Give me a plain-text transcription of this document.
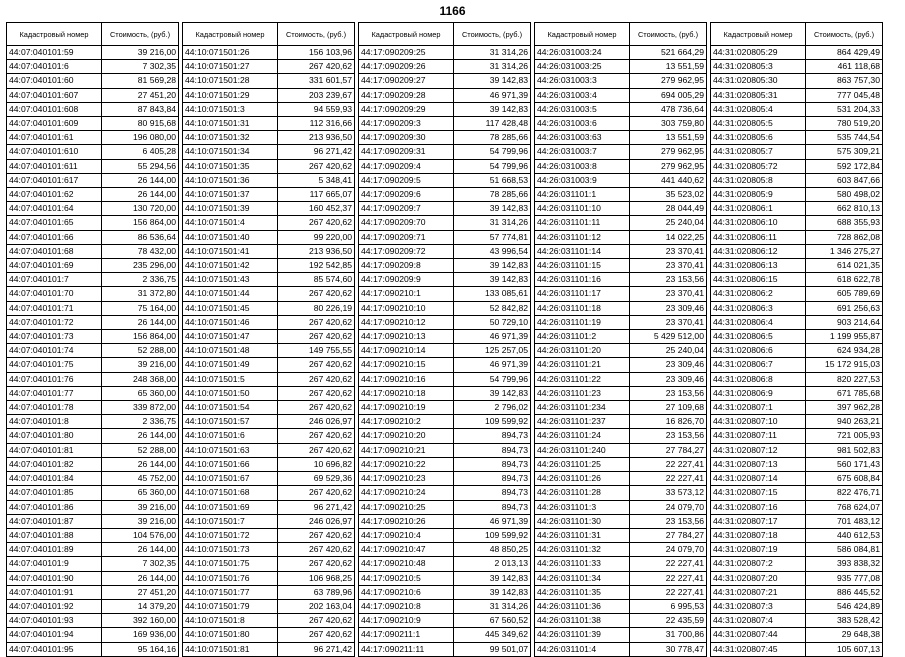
1166
Кадастровый номер	Стоимость, (руб.)
44:07:040101:59	39 216,00
44:07:040101:6	7 302,35
44:07:040101:60	81 569,28
44:07:040101:607	27 451,20
44:07:040101:608	87 843,84
44:07:040101:609	80 915,68
44:07:040101:61	196 080,00
44:07:040101:610	6 405,28
44:07:040101:611	55 294,56
44:07:040101:617	26 144,00
44:07:040101:62	26 144,00
44:07:040101:64	130 720,00
44:07:040101:65	156 864,00
44:07:040101:66	86 536,64
44:07:040101:68	78 432,00
44:07:040101:69	235 296,00
44:07:040101:7	2 336,75
44:07:040101:70	31 372,80
44:07:040101:71	75 164,00
44:07:040101:72	26 144,00
44:07:040101:73	156 864,00
44:07:040101:74	52 288,00
44:07:040101:75	39 216,00
44:07:040101:76	248 368,00
44:07:040101:77	65 360,00
44:07:040101:78	339 872,00
44:07:040101:8	2 336,75
44:07:040101:80	26 144,00
44:07:040101:81	52 288,00
44:07:040101:82	26 144,00
44:07:040101:84	45 752,00
44:07:040101:85	65 360,00
44:07:040101:86	39 216,00
44:07:040101:87	39 216,00
44:07:040101:88	104 576,00
44:07:040101:89	26 144,00
44:07:040101:9	7 302,35
44:07:040101:90	26 144,00
44:07:040101:91	27 451,20
44:07:040101:92	14 379,20
44:07:040101:93	392 160,00
44:07:040101:94	169 936,00
44:07:040101:95	95 164,16
Кадастровый номер	Стоимость, (руб.)
44:10:071501:26	156 103,96
44:10:071501:27	267 420,62
44:10:071501:28	331 601,57
44:10:071501:29	203 239,67
44:10:071501:3	94 559,93
44:10:071501:31	112 316,66
44:10:071501:32	213 936,50
44:10:071501:34	96 271,42
44:10:071501:35	267 420,62
44:10:071501:36	5 348,41
44:10:071501:37	117 665,07
44:10:071501:39	160 452,37
44:10:071501:4	267 420,62
44:10:071501:40	99 220,00
44:10:071501:41	213 936,50
44:10:071501:42	192 542,85
44:10:071501:43	85 574,60
44:10:071501:44	267 420,62
44:10:071501:45	80 226,19
44:10:071501:46	267 420,62
44:10:071501:47	267 420,62
44:10:071501:48	149 755,55
44:10:071501:49	267 420,62
44:10:071501:5	267 420,62
44:10:071501:50	267 420,62
44:10:071501:54	267 420,62
44:10:071501:57	246 026,97
44:10:071501:6	267 420,62
44:10:071501:63	267 420,62
44:10:071501:66	10 696,82
44:10:071501:67	69 529,36
44:10:071501:68	267 420,62
44:10:071501:69	96 271,42
44:10:071501:7	246 026,97
44:10:071501:72	267 420,62
44:10:071501:73	267 420,62
44:10:071501:75	267 420,62
44:10:071501:76	106 968,25
44:10:071501:77	63 789,96
44:10:071501:79	202 163,04
44:10:071501:8	267 420,62
44:10:071501:80	267 420,62
44:10:071501:81	96 271,42
Кадастровый номер	Стоимость, (руб.)
44:17:090209:25	31 314,26
44:17:090209:26	31 314,26
44:17:090209:27	39 142,83
44:17:090209:28	46 971,39
44:17:090209:29	39 142,83
44:17:090209:3	117 428,48
44:17:090209:30	78 285,66
44:17:090209:31	54 799,96
44:17:090209:4	54 799,96
44:17:090209:5	51 668,53
44:17:090209:6	78 285,66
44:17:090209:7	39 142,83
44:17:090209:70	31 314,26
44:17:090209:71	57 774,81
44:17:090209:72	43 996,54
44:17:090209:8	39 142,83
44:17:090209:9	39 142,83
44:17:090210:1	133 085,61
44:17:090210:10	52 842,82
44:17:090210:12	50 729,10
44:17:090210:13	46 971,39
44:17:090210:14	125 257,05
44:17:090210:15	46 971,39
44:17:090210:16	54 799,96
44:17:090210:18	39 142,83
44:17:090210:19	2 796,02
44:17:090210:2	109 599,92
44:17:090210:20	894,73
44:17:090210:21	894,73
44:17:090210:22	894,73
44:17:090210:23	894,73
44:17:090210:24	894,73
44:17:090210:25	894,73
44:17:090210:26	46 971,39
44:17:090210:4	109 599,92
44:17:090210:47	48 850,25
44:17:090210:48	2 013,13
44:17:090210:5	39 142,83
44:17:090210:6	39 142,83
44:17:090210:8	31 314,26
44:17:090210:9	67 560,52
44:17:090211:1	445 349,62
44:17:090211:11	99 501,07
Кадастровый номер	Стоимость, (руб.)
44:26:031003:24	521 664,29
44:26:031003:25	13 551,59
44:26:031003:3	279 962,95
44:26:031003:4	694 005,29
44:26:031003:5	478 736,64
44:26:031003:6	303 759,80
44:26:031003:63	13 551,59
44:26:031003:7	279 962,95
44:26:031003:8	279 962,95
44:26:031003:9	441 440,62
44:26:031101:1	35 523,02
44:26:031101:10	28 044,49
44:26:031101:11	25 240,04
44:26:031101:12	14 022,25
44:26:031101:14	23 370,41
44:26:031101:15	23 370,41
44:26:031101:16	23 153,56
44:26:031101:17	23 370,41
44:26:031101:18	23 309,46
44:26:031101:19	23 370,41
44:26:031101:2	5 429 512,00
44:26:031101:20	25 240,04
44:26:031101:21	23 309,46
44:26:031101:22	23 309,46
44:26:031101:23	23 153,56
44:26:031101:234	27 109,68
44:26:031101:237	16 826,70
44:26:031101:24	23 153,56
44:26:031101:240	27 784,27
44:26:031101:25	22 227,41
44:26:031101:26	22 227,41
44:26:031101:28	33 573,12
44:26:031101:3	24 079,70
44:26:031101:30	23 153,56
44:26:031101:31	27 784,27
44:26:031101:32	24 079,70
44:26:031101:33	22 227,41
44:26:031101:34	22 227,41
44:26:031101:35	22 227,41
44:26:031101:36	6 995,53
44:26:031101:38	22 435,59
44:26:031101:39	31 700,86
44:26:031101:4	30 778,47
Кадастровый номер	Стоимость, (руб.)
44:31:020805:29	864 429,49
44:31:020805:3	461 118,68
44:31:020805:30	863 757,30
44:31:020805:31	777 045,48
44:31:020805:4	531 204,33
44:31:020805:5	780 519,20
44:31:020805:6	535 744,54
44:31:020805:7	575 309,21
44:31:020805:72	592 172,84
44:31:020805:8	603 847,66
44:31:020805:9	580 498,02
44:31:020806:1	662 810,13
44:31:020806:10	688 355,93
44:31:020806:11	728 862,08
44:31:020806:12	1 346 275,27
44:31:020806:13	614 021,35
44:31:020806:15	618 622,78
44:31:020806:2	605 789,69
44:31:020806:3	691 256,63
44:31:020806:4	903 214,64
44:31:020806:5	1 199 955,87
44:31:020806:6	624 934,28
44:31:020806:7	15 172 915,03
44:31:020806:8	820 227,53
44:31:020806:9	671 785,68
44:31:020807:1	397 962,28
44:31:020807:10	940 263,21
44:31:020807:11	721 005,93
44:31:020807:12	981 502,83
44:31:020807:13	560 171,43
44:31:020807:14	675 608,84
44:31:020807:15	822 476,71
44:31:020807:16	768 624,07
44:31:020807:17	701 483,12
44:31:020807:18	440 612,53
44:31:020807:19	586 084,81
44:31:020807:2	393 838,32
44:31:020807:20	935 777,08
44:31:020807:21	886 445,52
44:31:020807:3	546 424,89
44:31:020807:4	383 528,42
44:31:020807:44	29 648,38
44:31:020807:45	105 607,13
